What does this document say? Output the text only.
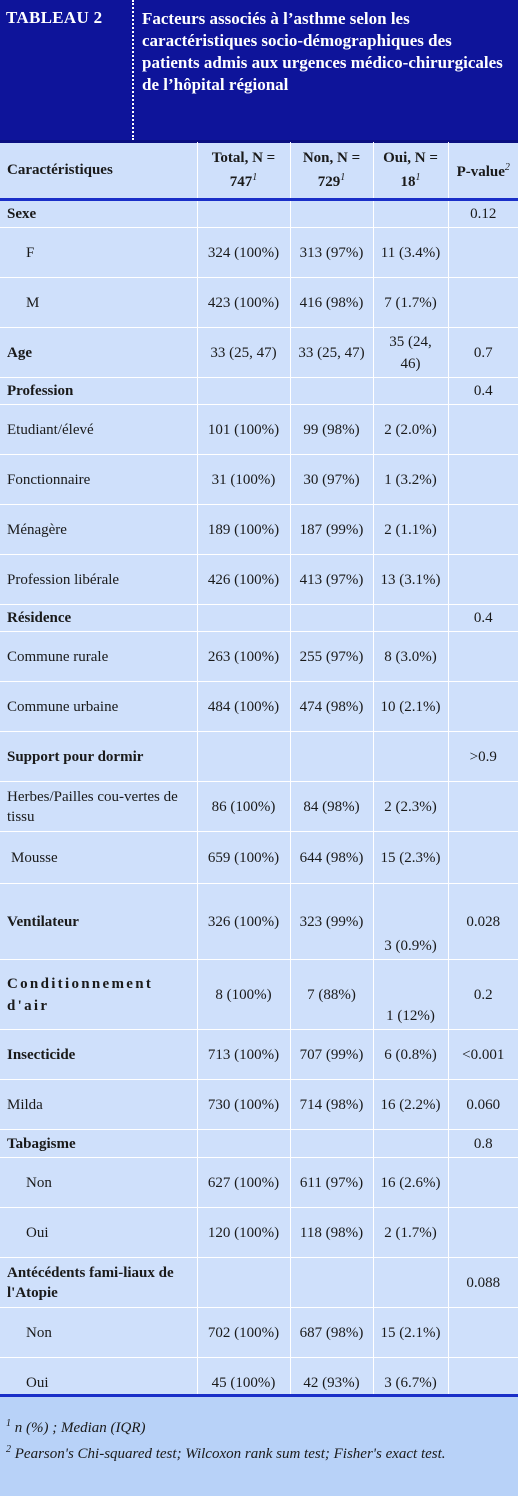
TABLEAU 2	Facteurs associés à l’asthme selon les caractéristiques socio-démographiques des patients admis aux urgences médico-chirurgicales de l’hôpital régional
Caractéristiques	Total, $N = 747^1$	Non, $N = 729^1$	Oui, $N = 18^1$	P-value$^2$
Sexe				0.12
F	324 (100%)	313 (97%)	11 (3.4%)	
M	423 (100%)	416 (98%)	7 (1.7%)	
Age	33 (25, 47)	33 (25, 47)	35 (24, 46)	0.7
Profession				0.4
Etudiant/élevé	101 (100%)	99 (98%)	2 (2.0%)	
Fonctionnaire	31 (100%)	30 (97%)	1 (3.2%)	
Ménagère	189 (100%)	187 (99%)	2 (1.1%)	
Profession libérale	426 (100%)	413 (97%)	13 (3.1%)	
Résidence				0.4
Commune rurale	263 (100%)	255 (97%)	8 (3.0%)	
Commune urbaine	484 (100%)	474 (98%)	10 (2.1%)	
Support pour dormir				>0.9
Herbes/Pailles cou-vertes de tissu	86 (100%)	84 (98%)	2 (2.3%)	
Mousse	659 (100%)	644 (98%)	15 (2.3%)	
Ventilateur	326 (100%)	323 (99%)	3 (0.9%)	0.028
Conditionnement d'air	8 (100%)	7 (88%)	1 (12%)	0.2
Insecticide	713 (100%)	707 (99%)	6 (0.8%)	<0.001
Milda	730 (100%)	714 (98%)	16 (2.2%)	0.060
Tabagisme				0.8
Non	627 (100%)	611 (97%)	16 (2.6%)	
Oui	120 (100%)	118 (98%)	2 (1.7%)	
Antécédents fami-liaux de l'Atopie				0.088
Non	702 (100%)	687 (98%)	15 (2.1%)	
Oui	45 (100%)	42 (93%)	3 (6.7%)	
$^1$ n (%) ; Median (IQR)
$^2$ Pearson's Chi-squared test; Wilcoxon rank sum test; Fisher's exact test.
